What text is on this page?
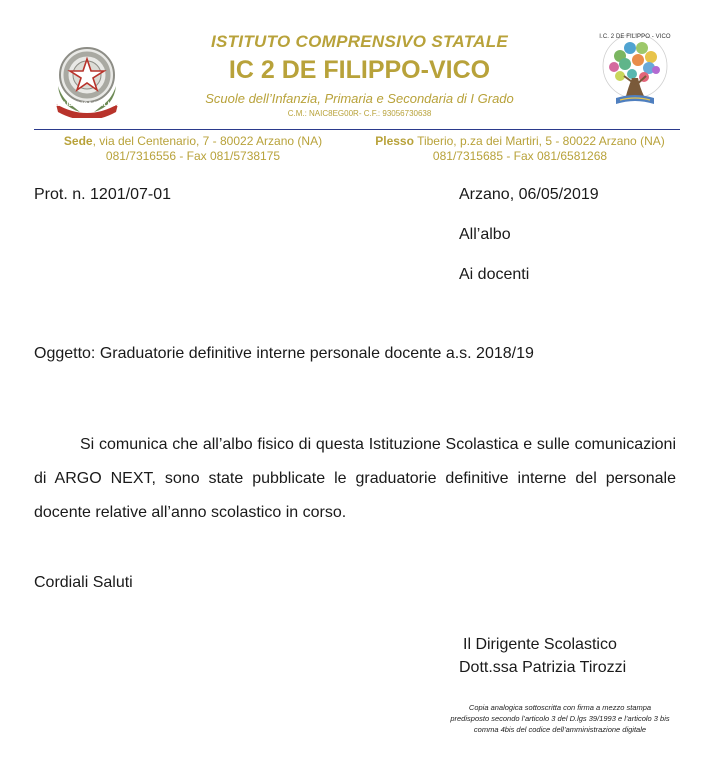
REPUBBLICA ITALIANA
ISTITUTO COMPRENSIVO STATALE
IC 2 DE FILIPPO-VICO
Scuole dell’Infanzia, Primaria e Secondaria di I Grado
C.M.: NAIC8EG00R- C.F.: 93056730638
I.C. 2 DE FILIPPO - VICO
Sede, via del Centenario, 7 - 80022 Arzano (NA)
081/7316556 - Fax 081/5738175
Plesso Tiberio, p.za dei Martiri, 5 - 80022 Arzano (NA)
081/7315685 - Fax 081/6581268
Prot. n. 1201/07-01	Arzano, 06/05/2019
All’albo
Ai docenti
Oggetto: Graduatorie definitive interne personale docente a.s. 2018/19
Si comunica che all’albo fisico di questa Istituzione Scolastica e sulle comunicazioni di ARGO NEXT, sono state pubblicate le graduatorie definitive interne del personale docente relative all’anno scolastico in corso.
Cordiali Saluti
Il Dirigente Scolastico
Dott.ssa Patrizia Tirozzi
Copia analogica sottoscritta con firma a mezzo stampa
predisposto secondo l’articolo 3 del D.lgs 39/1993 e l’articolo 3 bis
comma 4bis del codice dell’amministrazione digitale
